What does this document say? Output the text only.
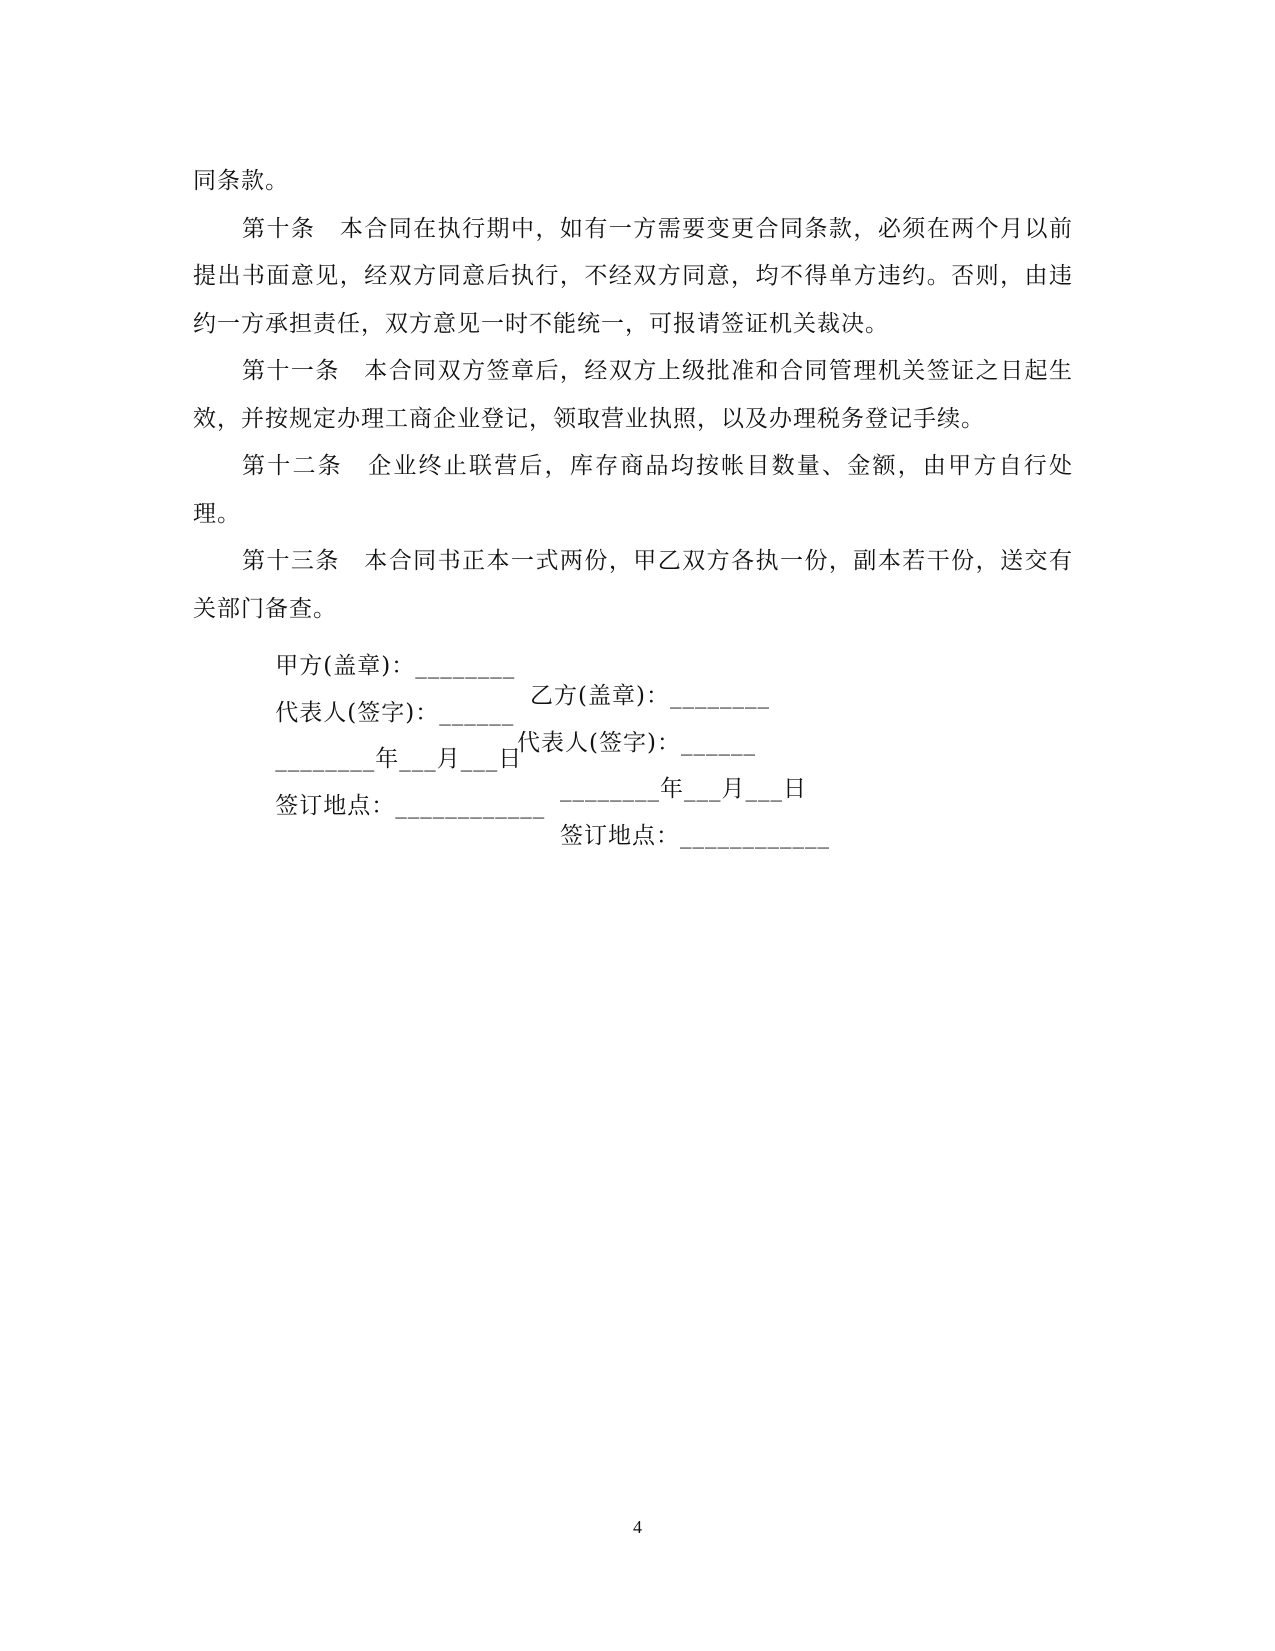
同条款。

第十条　本合同在执行期中，如有一方需要变更合同条款，必须在两个月以前提出书面意见，经双方同意后执行，不经双方同意，均不得单方违约。否则，由违约一方承担责任，双方意见一时不能统一，可报请签证机关裁决。

第十一条　本合同双方签章后，经双方上级批准和合同管理机关签证之日起生效，并按规定办理工商企业登记，领取营业执照，以及办理税务登记手续。

第十二条　企业终止联营后，库存商品均按帐目数量、金额，由甲方自行处理。

第十三条　本合同书正本一式两份，甲乙双方各执一份，副本若干份，送交有关部门备查。

甲方(盖章)：________

乙方(盖章)：________

代表人(签字)：______

代表人(签字)：______

________年___月___日

________年___月___日

签订地点：____________

签订地点：____________

4
